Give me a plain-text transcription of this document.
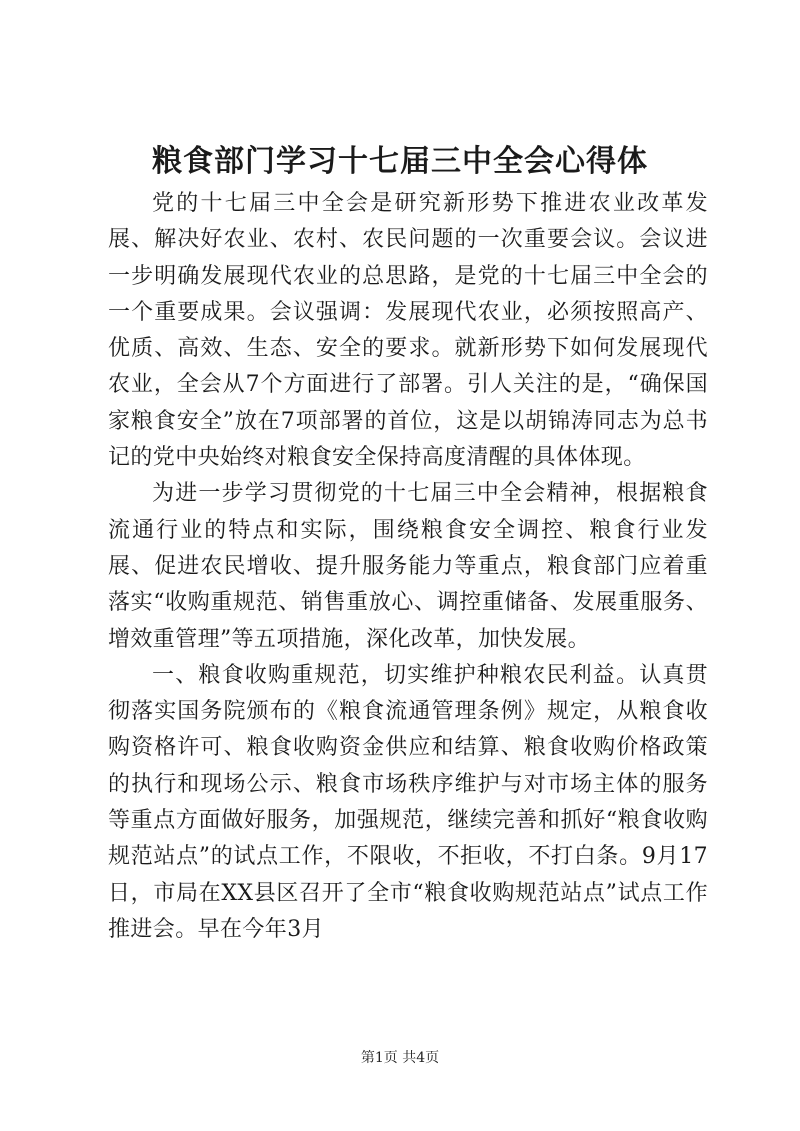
粮食部门学习十七届三中全会心得体

党的十七届三中全会是研究新形势下推进农业改革发展、解决好农业、农村、农民问题的一次重要会议。会议进一步明确发展现代农业的总思路，是党的十七届三中全会的一个重要成果。会议强调：发展现代农业，必须按照高产、优质、高效、生态、安全的要求。就新形势下如何发展现代农业，全会从7个方面进行了部署。引人关注的是，“确保国家粮食安全”放在7项部署的首位，这是以胡锦涛同志为总书记的党中央始终对粮食安全保持高度清醒的具体体现。

为进一步学习贯彻党的十七届三中全会精神，根据粮食流通行业的特点和实际，围绕粮食安全调控、粮食行业发展、促进农民增收、提升服务能力等重点，粮食部门应着重落实“收购重规范、销售重放心、调控重储备、发展重服务、增效重管理”等五项措施，深化改革，加快发展。

一、粮食收购重规范，切实维护种粮农民利益。认真贯彻落实国务院颁布的《粮食流通管理条例》规定，从粮食收购资格许可、粮食收购资金供应和结算、粮食收购价格政策的执行和现场公示、粮食市场秩序维护与对市场主体的服务等重点方面做好服务，加强规范，继续完善和抓好“粮食收购规范站点”的试点工作，不限收，不拒收，不打白条。9月17日，市局在XX县区召开了全市“粮食收购规范站点”试点工作推进会。早在今年3月

第1页 共4页
